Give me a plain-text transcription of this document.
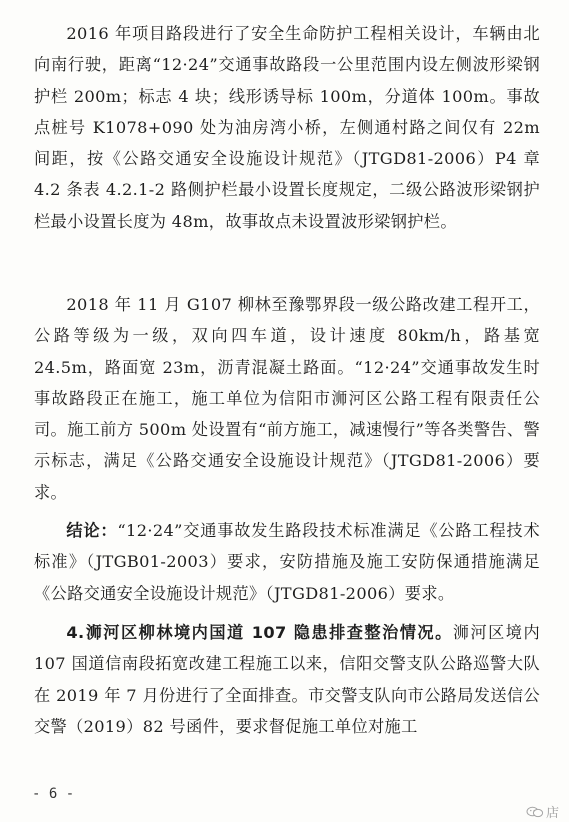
2016 年项目路段进行了安全生命防护工程相关设计，车辆由北向南行驶，距离“12·24”交通事故路段一公里范围内设左侧波形梁钢护栏 200m；标志 4 块；线形诱导标 100m，分道体 100m。事故点桩号 K1078+090 处为油房湾小桥，左侧通村路之间仅有 22m 间距，按《公路交通安全设施设计规范》（JTGD81-2006）P4 章 4.2 条表 4.2.1-2 路侧护栏最小设置长度规定，二级公路波形梁钢护栏最小设置长度为 48m，故事故点未设置波形梁钢护栏。

2018 年 11 月 G107 柳林至豫鄂界段一级公路改建工程开工，公路等级为一级，双向四车道，设计速度 80km/h，路基宽 24.5m，路面宽 23m，沥青混凝土路面。“12·24”交通事故发生时事故路段正在施工，施工单位为信阳市浉河区公路工程有限责任公司。施工前方 500m 处设置有“前方施工，减速慢行”等各类警告、警示标志，满足《公路交通安全设施设计规范》（JTGD81-2006）要求。

结论：“12·24”交通事故发生路段技术标准满足《公路工程技术标准》（JTGB01-2003）要求，安防措施及施工安防保通措施满足《公路交通安全设施设计规范》（JTGD81-2006）要求。

4.浉河区柳林境内国道 107 隐患排查整治情况。浉河区境内 107 国道信南段拓宽改建工程施工以来，信阳交警支队公路巡警大队在 2019 年 7 月份进行了全面排查。市交警支队向市公路局发送信公交警（2019）82 号函件，要求督促施工单位对施工

- 6 -
店
